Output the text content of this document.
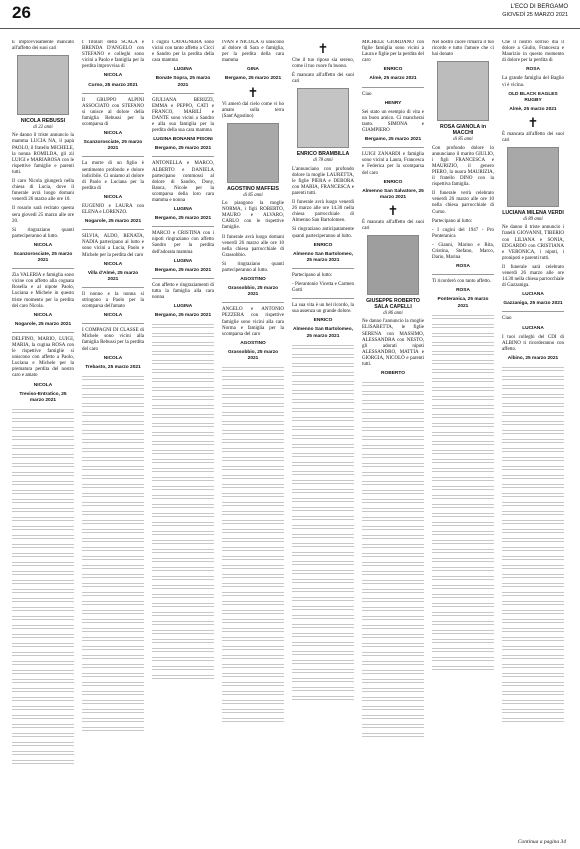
26	L'ECO DI BERGAMO
GIOVEDÌ 25 MARZO 2021

È improvvisamente mancato all'affetto dei suoi cari

NICOLA REBUSSI
di 22 anni

Ne danno il triste annuncio la mamma LUCIA NA, il papà PAOLO, il fratello MICHELE, la nonna ROMILDA, gli zii LUIGI e MARIAROSA con le rispettive famiglie e parenti tutti.

Il caro Nicola giungerà nella chiesa di Lucia, dove il funerale avrà luogo domani venerdì 26 marzo alle ore 10.

Il rosario sarà recitato questa sera giovedì 25 marzo alle ore 20.

Si ringraziano quanti parteciperanno al lutto.

NICOLA
Scanzorosciate, 25 marzo 2021

Zia VALERIA e famiglia sono vicine con affetto alla cognata Rosella e al nipote Paolo, Luciana e Michele in questo triste momento per la perdita del caro Nicola.

NICOLA
Nogarole, 25 marzo 2021

DELFINO, MARIO, LUIGI, MARIA, la cugina ROSA con le rispettive famiglie si uniscono con affetto a Paolo, Luciana e Michele per la prematura perdita del nostro caro e amato

NICOLA
Treviso-Entratico, 25 marzo 2021

I Titolari della SCALA e BRENDA D'ANGELO con STEFANO e colleghi sono vicini a Paolo e famiglia per la perdita improvvisa di

NICOLA
Curno, 25 marzo 2021

Il GRUPPO ALPINI ASSOCIATO con STEFANO si unisce al dolore della famiglia Rebussi per la scomparsa di

NICOLA
Scanzorosciate, 25 marzo 2021

La morte di un figlio è sentimento profondo e dolore indicibile. Ci uniamo al dolore di Paolo e Luciana per la perdita di

NICOLA

EUGENIO e LAURA con ELENA e LORENZO.

Nogarole, 25 marzo 2021

SILVIA, ALDO, RENATA, NADIA partecipano al lutto e sono vicini a Lucia, Paolo e Michele per la perdita del caro

NICOLA
Villa d'Almè, 25 marzo 2021

Il nonno e la nonna si stringono a Paolo per la scomparsa dell'amato

NICOLA

I COMPAGNI DI CLASSE di Michele sono vicini alla famiglia Rebussi per la perdita del caro

NICOLA
Trebasto, 25 marzo 2021

I cugini CAVAGNERA sono vicini con tanto affetto a Cicci e Sandro per la perdita della cara mamma

LUGINA
Bonate Sopra, 25 marzo 2021

GIULIANA BERIZZI, EMMA e PEPPO, CATI e FRANCO, MARILÌ e DANTE sono vicini a Sandro e alla sua famiglia per la perdita della sua cara mamma

LUGINA BONANNI PISONI
Bergamo, 25 marzo 2021

ANTONELLA e MARCO, ALBERTO e DANIELA partecipano commossi al dolore di Sandro, Dony, Banca, Nicole per la scomparsa della loro cara mamma e nonna

LUGINA
Bergamo, 25 marzo 2021

MARCO e CRISTINA con i nipoti ringraziano con affetto Sandro per la perdita dell'adorata mamma

LUGINA
Bergamo, 25 marzo 2021

Con affetto e ringraziamenti di tutta la famiglia alla cara nonna

LUGINA
Bergamo, 25 marzo 2021

IVAN e NICOLA si uniscono al dolore di Sara e famiglia, per la perdita della cara mamma

GINA
Bergamo, 25 marzo 2021
✝

Vi amerò dal cielo come vi ho amato sulla terra (Sant'Agostino)

AGOSTINO MAFFEIS
di 85 anni

Lo piangono la moglie NORMA, i figli ROBERTO, MAURO e ALVARO, CARLO con le rispettive famiglie.

Il funerale avrà luogo domani venerdì 26 marzo alle ore 10 nella chiesa parrocchiale di Grassobbio.

Si ringraziano quanti parteciperanno al lutto.

AGOSTINO
Grassobbio, 25 marzo 2021

ANGELO e ANTONIO PEZZERA con rispettive famiglie sono vicini alla cara Norma e famiglia per la scomparsa del caro

AGOSTINO
Grassobbio, 25 marzo 2021
✝

Che il tuo riposo sia sereno, come il tuo cuore fu buono.

È mancato all'affetto dei suoi cari

ENRICO BRAMBILLA
di 78 anni

L'annunciano con profondo dolore la moglie LAURETTA, le figlie PIERA e DEBORA con MARIA, FRANCESCA e parenti tutti.

Il funerale avrà luogo venerdì 26 marzo alle ore 14.30 nella chiesa parrocchiale di Almenno San Bartolomeo.

Si ringraziano anticipatamente quanti parteciperanno al lutto.

ENRICO
Almenno San Bartolomeo, 25 marzo 2021

Partecipano al lutto:

- Pierantonio Vicetta e Carmen Gotti

La sua vita è un bel ricordo, la sua assenza un grande dolore.

ENRICO
Almenno San Bartolomeo, 25 marzo 2021

MICHELE GIORDANO con figlie famiglia sono vicini a Laura e figlie per la perdita del caro

ENRICO
Almè, 25 marzo 2021

Ciao

HENRY

Sei stato un esempio di vita e un buon amico. Ci mancherai tanto. SIMONA e GIAMPIERO

Bergamo, 25 marzo 2021

LUIGI ZANARDI e famiglia sono vicini a Laura, Francesca e Federica per la scomparsa del caro

ENRICO
Almenno San Salvatore, 25 marzo 2021
✝

È mancato all'affetto dei suoi cari

GIUSEPPE ROBERTO SALA CAPELLI
di 86 anni

Ne danno l'annuncio la moglie ELISABETTA, le figlie SERENA con MASSIMO, ALESSANDRA con NESTO, gli adorati nipoti ALESSANDRO, MATTIA e GIORGIA, NICOLÒ e parenti tutti.

ROBERTO

Nel nostro cuore rimarrà il tuo ricordo e tutto l'amore che ci hai donato

ROSA GIANOLA in MACCHI
di 85 anni

Con profondo dolore lo annunciano il marito GIULIO, i figli FRANCESCA e MAURIZIO, il genero PIERO, la nuora MAURIZIA, il fratello DINO con la rispettiva famiglia.

Il funerale verrà celebrato venerdì 26 marzo alle ore 10 nella chiesa parrocchiale di Curno.

Partecipano al lutto:

- I cugini del 1947 - Pro Ponteranica

- Gianni, Marino e Rita, Cristina, Stefano, Marco, Dario, Marina

ROSA

Ti ricorderò con tanto affetto.

ROSA
Ponteranica, 25 marzo 2021

Che il nostro sorriso dia il dolore a Giulio, Francesca e Maurizio in questo momento di dolore per la perdita di

ROSA

La grande famiglia del Baglio vi è vicina.

OLD BLACK EAGLES RUGBY
Almè, 25 marzo 2021
✝

È mancata all'affetto dei suoi cari

LUCIANA MILENA VERDI
di 89 anni

Ne danno il triste annuncio i fratelli GIOVANNI, TIBERIO con LILIANA e SONIA, EDGARDO con CRISTIANA e VERONICA, i nipoti, i pronipoti e parenti tutti.

Il funerale sarà celebrato venerdì 26 marzo alle ore 14.30 nella chiesa parrocchiale di Gazzaniga.

LUCIANA
Gazzaniga, 25 marzo 2021

Ciao

LUCIANA

I tuoi colleghi del CDI di ALBINO ti ricorderanno con affetto.

Albino, 25 marzo 2021
Continua a pagina 34
